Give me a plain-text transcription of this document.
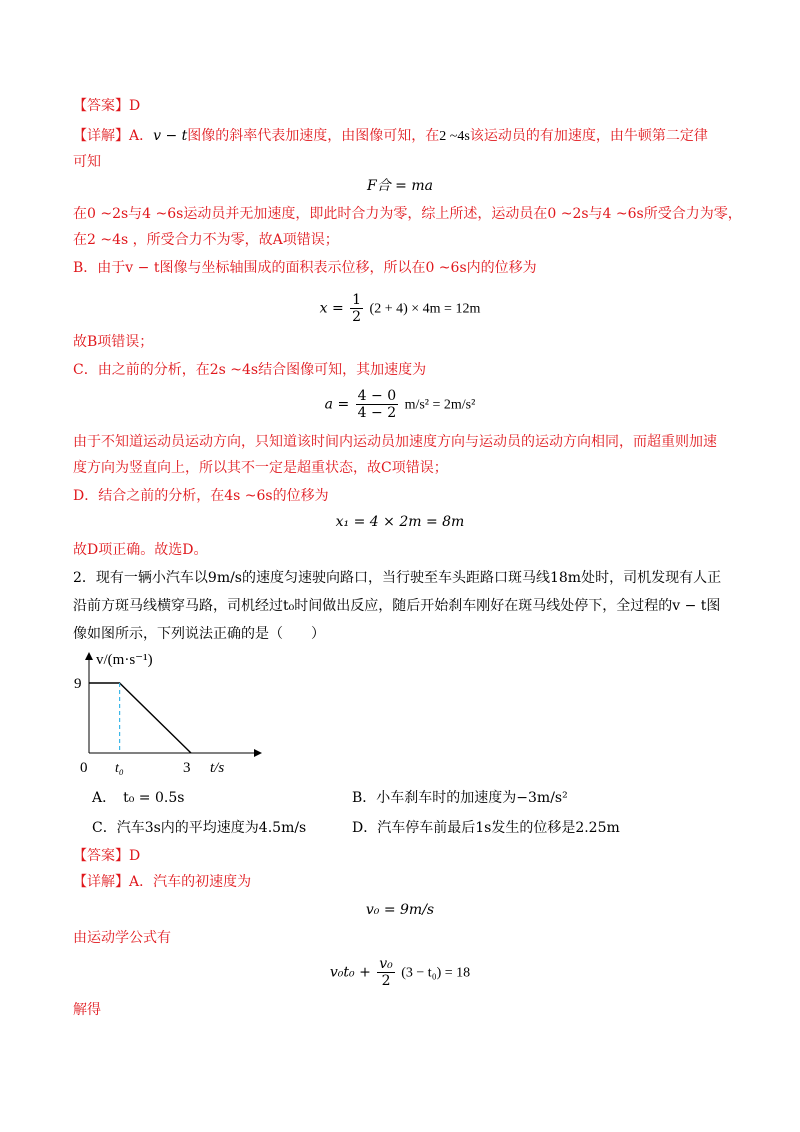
【答案】D
【详解】A．v − t图像的斜率代表加速度，由图像可知，在2 ~4s该运动员的有加速度，由牛顿第二定律
可知
F合 = ma
在0 ~2s与4 ~6s运动员并无加速度，即此时合力为零，综上所述，运动员在0 ~2s与4 ~6s所受合力为零，
在2 ~4s ，所受合力不为零，故A项错误；
B．由于v − t图像与坐标轴围成的面积表示位移，所以在0 ~6s内的位移为
$x = \frac{1}{2} (2 + 4) \times 4m = 12m$
故B项错误；
C．由之前的分析，在2s ~4s结合图像可知，其加速度为
$a = \frac{4 - 0}{4 - 2} m/s^2 = 2m/s^2$
由于不知道运动员运动方向，只知道该时间内运动员加速度方向与运动员的运动方向相同，而超重则加速
度方向为竖直向上，所以其不一定是超重状态，故C项错误；
D．结合之前的分析，在4s ~6s的位移为
x₁ = 4 × 2m = 8m
故D项正确。故选D。
2．现有一辆小汽车以9m/s的速度匀速驶向路口，当行驶至车头距路口斑马线18m处时，司机发现有人正
沿前方斑马线横穿马路，司机经过t₀时间做出反应，随后开始刹车刚好在斑马线处停下，全过程的v − t图
像如图所示，下列说法正确的是（　　）
v/(m·s⁻¹)
t/s
0
9
t₀	3
A．　t₀ = 0.5s	B．小车刹车时的加速度为−3m/s²
C．汽车3s内的平均速度为4.5m/s	D．汽车停车前最后1s发生的位移是2.25m
【答案】D
【详解】A．汽车的初速度为
v₀ = 9m/s
由运动学公式有
$v_0t_0 + \frac{\text{v₀}}{2} (3 - t_0) = 18$
解得
